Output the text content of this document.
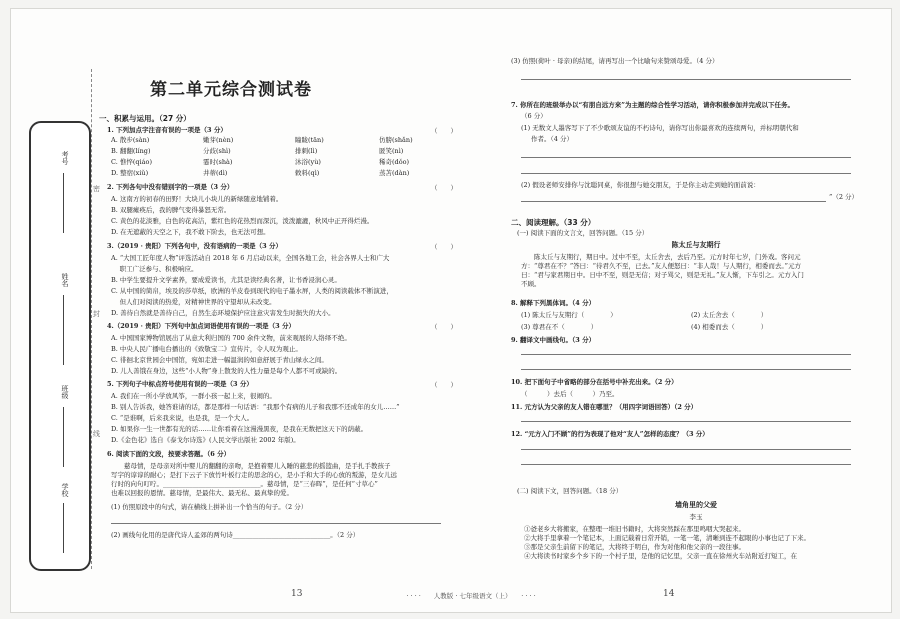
考号
姓名
班级
学校
密
封
线
第二单元综合测试卷
一、积累与运用。（27 分）
1. 下列加点字注音有误的一项是（3 分）	（　　）
A. 散步(sàn)	嫩芽(nèn)	瞳眬(tān)	仿膀(shǎn)
B. 翻翻(líng)	分歧(shì)	排刺(lì)	匿笑(nì)
C. 憔悴(qiáo)	霎时(shà)	沐浴(yù)	稀奇(dǒo)
D. 整宿(xiǔ)	井蒂(dì)	敕料(qì)	蒸苫(dàn)
2. 下列各句中没有错别字的一项是（3 分）	（　　）
A. 这南方的初春的田野！大块儿小块儿的新绿随意地铺着。
B. 双腿瘫痪后，我的脾气变得暴怒无常。
C. 黄色的花淡雅，白色的花高洁，紫红色的花热烈而深沉，泼泼漉漉，秋风中正开得烂漫。
D. 在无遮蔽的天空之下，我不敢下阶去，也无法可想。
3.（2019 · 贵阳）下列各句中，没有语病的一项是（3 分）	（　　）
A. “大国工匠年度人物”评选活动自 2018 年 6 月启动以来，全国各地工会，社会各界人士和广大
　 职工广泛参与、积极响应。
B. 中学生要提升文学素养，要成爱读书，尤其是读经典名著，让书香浸润心灵。
C. 从中国的简帛，埃及的莎草纸，欧洲的羊皮卷到现代的电子墨水屏，人类的阅读载体不断演进，
　 但人们对阅读的热爱，对精神世界的守望却从未改变。
D. 善待自然就是善待自己，自然生态环境保护应注意灾害发生时损失的大小。
4.（2019 · 贵阳）下列句中加点词语使用有误的一项是（3 分）	（　　）
A. 中国国家博物馆展出了从意大利归国的 700 余件文物，前来观展的人络绎不绝。
B. 中央人民广播电台播出的《致敬宝二》宣传片，令人叹为观止。
C. 徘徊北京世园会中国馆，宛如走进一幅温润的如意舒展于青山绿水之间。
D. 儿人善饿在身边，这些“小人物”身上散发的人性力量是每个人都不可或缺的。
5. 下列句子中标点符号使用有误的一项是（3 分）	（　　）
A. 我们在一所小学放风筝，一群小孩一起上来，很闹的。
B. 别人告诉我，她答谁请的话，都是那样一句话语：“我那个有病的儿子和我那不还成年的女儿……”
C. “是谁啊，后来我来说，也是我，是一个大人。
D. 如果你一生一世都有光的话……让你看着在这漫漫黑夜，是我在无数把这天下的荫蔽。
D.《金色花》选自《泰戈尔诗选》(人民文学出版社 2002 年版)。
6. 阅读下面的文段，按要求答题。（6 分）
　　慈母情，是母亲对所中婴儿的翻翻的亲吻，是抱着婴儿入睡的慈悲的摇篮曲，是手扎手教孩子
写字的谆谆的耐心；是打下云子下放竹叶板行走的思念的心，是小手和大手的心放的叛游，是女儿远
行时的向句叮咛。______________________________。慈母情，是“三春晖”，是任何“寸草心”
也难以回报的恩情。慈母情，是最伟大、最无私、最真挚的爱。
(1) 仿照原段中的句式，请在横线上拼补出一个恰当的句子。（2 分）
(2) 画线句化用的是唐代诗人孟郊的两句诗______________________________。（2 分）
13
(3) 仿照(荷叶 · 母亲)的结尾，请再写出一个比喻句来赞颂母爱。（4 分）
7. 你所在的班级举办以“有朋自远方来”为主题的综合性学习活动，请你积极参加并完成以下任务。
（6 分）
(1) 无数文人墨客写下了不少歌颂友谊的不朽诗句，请你写出你最喜欢的连续两句，并标明朝代和
作者。（4 分）
(2) 假设老师安排你与沈聪同桌，你很想与她交朋友，于是你主动走到她的面前说：
”（2 分）
二、阅读理解。（33 分）
(一) 阅读下面的文言文，回答问题。（15 分）
陈太丘与友期行
　　陈太丘与友期行，期日中。过中不至，太丘舍去，去后乃至。元方时年七岁，门外戏。客问元
方：“尊君在不？”答曰：“待君久不至，已去。”友人便怒曰：“非人哉！与人期行，相委而去。”元方
曰：“君与家君期日中。日中不至，则是无信；对子骂父，则是无礼。”友人惭，下车引之。元方入门
不顾。
8. 解释下列黑体词。（4 分）
(1) 陈太丘与友期行（　　　　）	(2) 太丘舍去（　　　　）
(3) 尊君在不（　　　　）	(4) 相委而去（　　　　）
9. 翻译文中画线句。（3 分）
10. 把下面句子中省略的部分在括号中补充出来。（2 分）
（　　　）去后（　　　）乃至。
11. 元方认为父亲的友人错在哪里？（用四字词语回答）（2 分）
12. “元方入门不顾”的行为表现了他对“友人”怎样的态度？（3 分）
(二) 阅读下文，回答问题。（18 分）
墙角里的父爱
李玉
　　①爸老乡大将搬家，在整理一堆旧书籍时，大将突然踩在那里鸣咽大哭起来。
　　②大将手里拿着一个笔记本，上面记载着日常开销，一笔一笔，清晰到连不起眼的小事也记了下来。
　　③那是父亲生前留下的笔记，大将终于明白，作为对他和他父亲的一段往事。
　　④大将读书时家乡个乡下的一个村子里，是他的记忆里，父亲一直在徐州火车站附近打短工，在
14
· · · ·　　人教版 · 七年级语文（上）　　· · · ·
